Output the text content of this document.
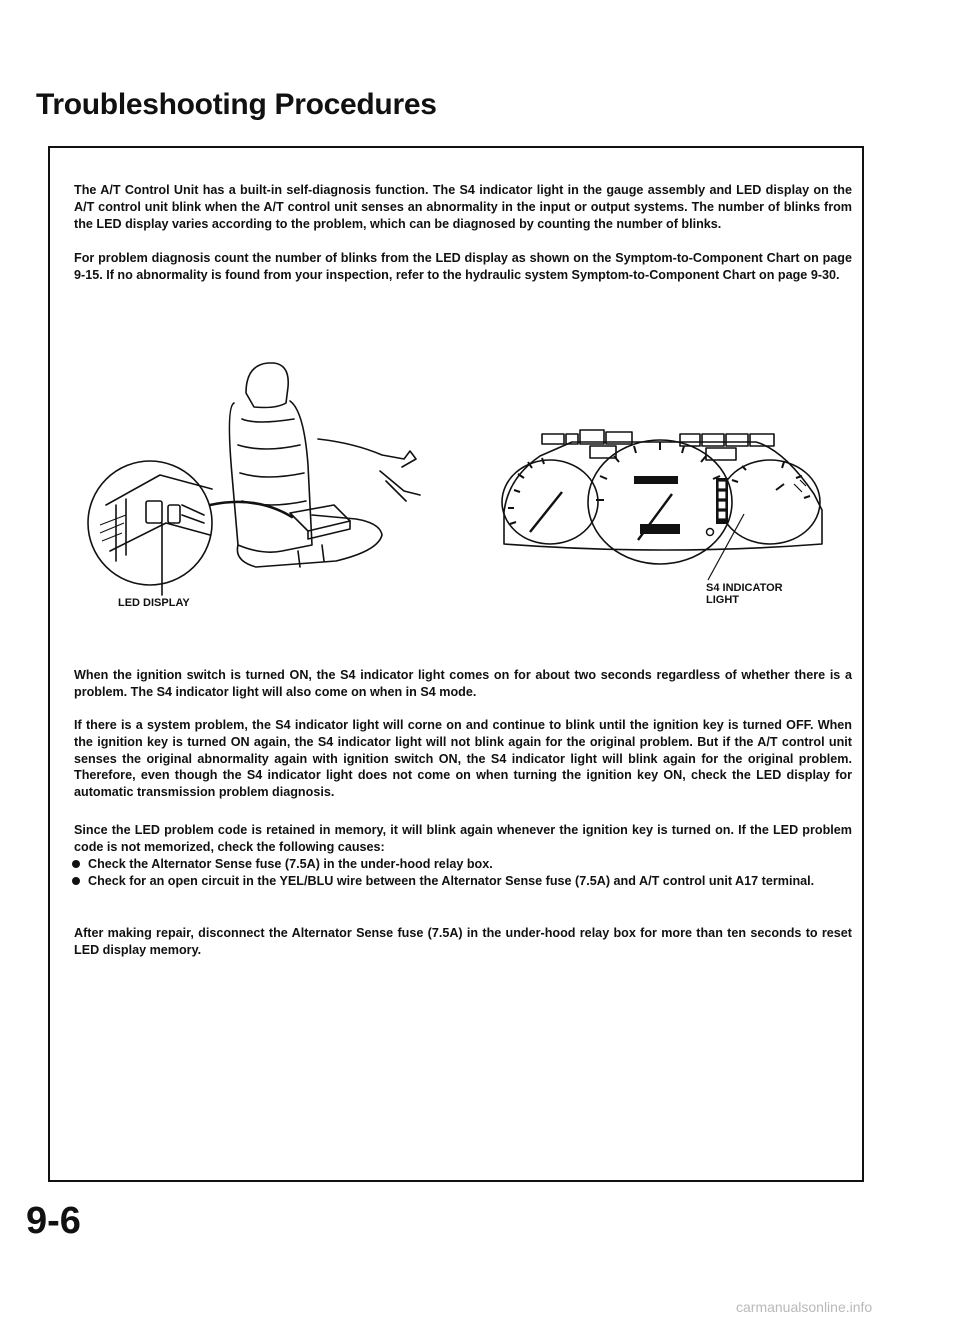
Troubleshooting Procedures

The A/T Control Unit has a built-in self-diagnosis function. The S4 indicator light in the gauge assembly and LED display on the A/T control unit blink when the A/T control unit senses an abnormality in the input or output systems. The number of blinks from the LED display varies according to the problem, which can be diagnosed by counting the number of blinks.

For problem diagnosis count the number of blinks from the LED display as shown on the Symptom-to-Component Chart on page 9-15. If no abnormality is found from your inspection, refer to the hydraulic system Symptom-to-Component Chart on page 9-30.

LED DISPLAY
S4 INDICATOR
LIGHT

When the ignition switch is turned ON, the S4 indicator light comes on for about two seconds regardless of whether there is a problem. The S4 indicator light will also come on when in S4 mode.

If there is a system problem, the S4 indicator light will corne on and continue to blink until the ignition key is turned OFF. When the ignition key is turned ON again, the S4 indicator light will not blink again for the original problem. But if the A/T control unit senses the original abnormality again with ignition switch ON, the S4 indicator light will blink again for the original problem. Therefore, even though the S4 indicator light does not come on when turning the ignition key ON, check the LED display for automatic transmission problem diagnosis.

Since the LED problem code is retained in memory, it will blink again whenever the ignition key is turned on. If the LED problem code is not memorized, check the following causes:

Check the Alternator Sense fuse (7.5A) in the under-hood relay box.
Check for an open circuit in the YEL/BLU wire between the Alternator Sense fuse (7.5A) and A/T control unit A17 terminal.

After making repair, disconnect the Alternator Sense fuse (7.5A) in the under-hood relay box for more than ten seconds to reset LED display memory.

9-6
carmanualsonline.info
